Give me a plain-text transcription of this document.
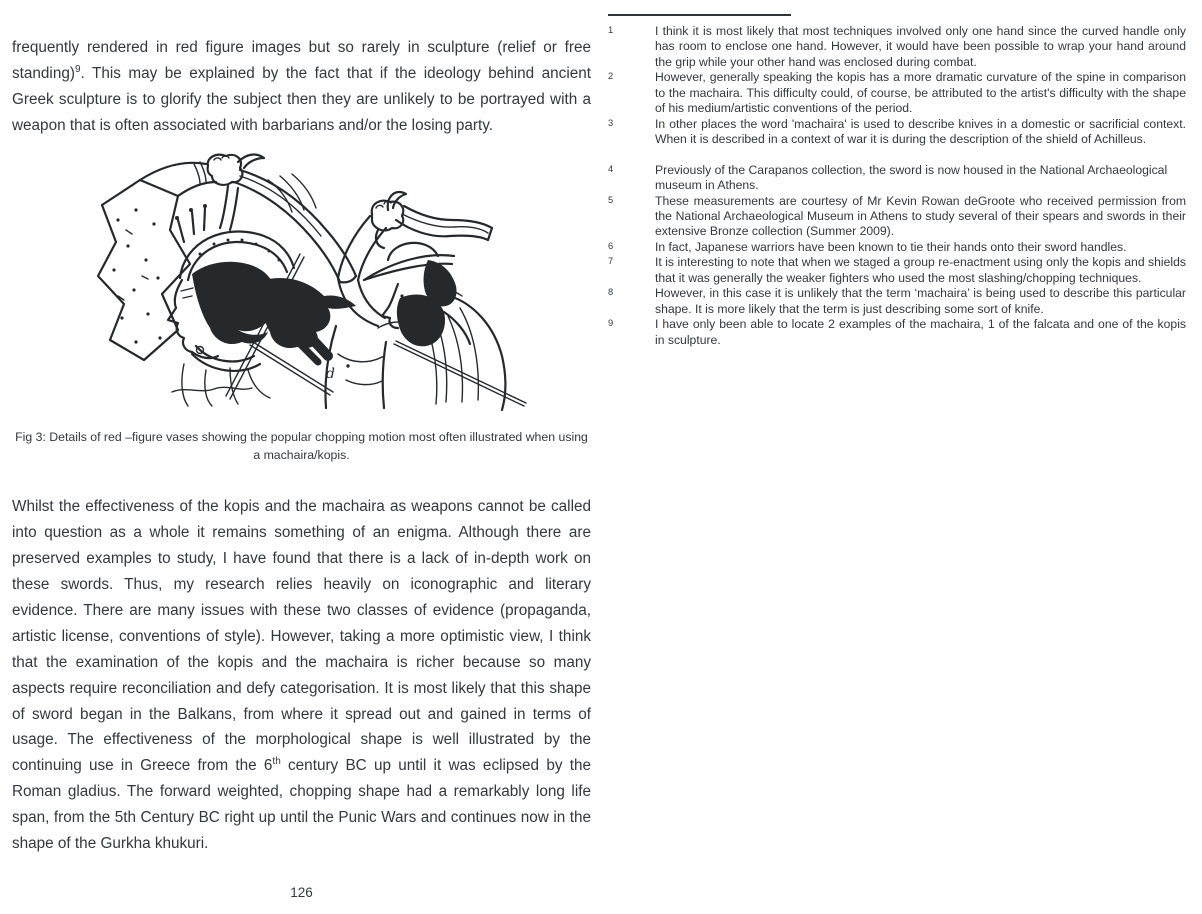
frequently rendered in red figure images but so rarely in sculpture (relief or free standing)$^9$. This may be explained by the fact that if the ideology behind ancient Greek sculpture is to glorify the subject then they are unlikely to be portrayed with a weapon that is often associated with barbarians and/or the losing party.

d
Fig 3: Details of red –figure vases showing the popular chopping motion most often illustrated when using a machaira/kopis.

Whilst the effectiveness of the kopis and the machaira as weapons cannot be called into question as a whole it remains something of an enigma. Although there are preserved examples to study, I have found that there is a lack of in-depth work on these swords. Thus, my research relies heavily on iconographic and literary evidence. There are many issues with these two classes of evidence (propaganda, artistic license, conventions of style). However, taking a more optimistic view, I think that the examination of the kopis and the machaira is richer because so many aspects require reconciliation and defy categorisation. It is most likely that this shape of sword began in the Balkans, from where it spread out and gained in terms of usage. The effectiveness of the morphological shape is well illustrated by the continuing use in Greece from the 6th century BC up until it was eclipsed by the Roman gladius. The forward weighted, chopping shape had a remarkably long life span, from the 5th Century BC right up until the Punic Wars and continues now in the shape of the Gurkha khukuri.

126
1	I think it is most likely that most techniques involved only one hand since the curved handle only has room to enclose one hand. However, it would have been possible to wrap your hand around the grip while your other hand was enclosed during combat.
2	However, generally speaking the kopis has a more dramatic curvature of the spine in comparison to the machaira. This difficulty could, of course, be attributed to the artist's difficulty with the shape of his medium/artistic conventions of the period.
3	In other places the word 'machaira' is used to describe knives in a domestic or sacrificial context. When it is described in a context of war it is during the description of the shield of Achilleus.
4	Previously of the Carapanos collection, the sword is now housed in the National Archaeological museum in Athens.
5	These measurements are courtesy of Mr Kevin Rowan deGroote who received permission from the National Archaeological Museum in Athens to study several of their spears and swords in their extensive Bronze collection (Summer 2009).
6	In fact, Japanese warriors have been known to tie their hands onto their sword handles.
7	It is interesting to note that when we staged a group re-enactment using only the kopis and shields that it was generally the weaker fighters who used the most slashing/chopping techniques.
8	However, in this case it is unlikely that the term ‘machaira’ is being used to describe this particular shape. It is more likely that the term is just describing some sort of knife.
9	I have only been able to locate 2 examples of the machaira, 1 of the falcata and one of the kopis in sculpture.
